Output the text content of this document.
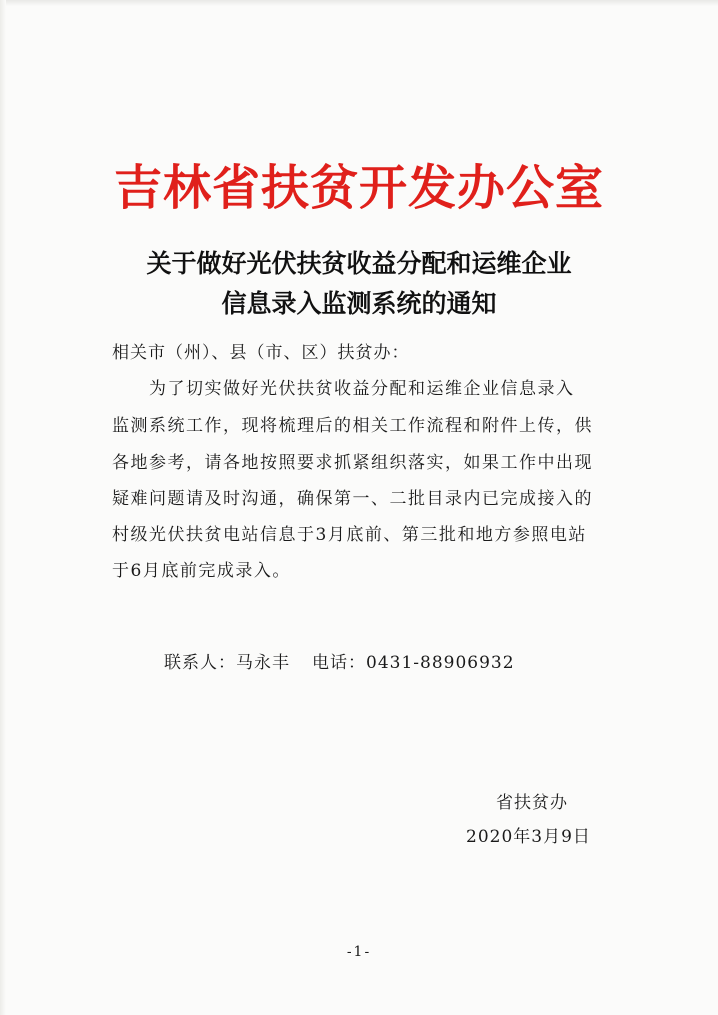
吉林省扶贫开发办公室
关于做好光伏扶贫收益分配和运维企业
信息录入监测系统的通知
相关市（州）、县（市、区）扶贫办：
　　为了切实做好光伏扶贫收益分配和运维企业信息录入
监测系统工作，现将梳理后的相关工作流程和附件上传，供
各地参考，请各地按照要求抓紧组织落实，如果工作中出现
疑难问题请及时沟通，确保第一、二批目录内已完成接入的
村级光伏扶贫电站信息于3月底前、第三批和地方参照电站
于6月底前完成录入。
联系人：马永丰 电话：0431-88906932
省扶贫办
2020年3月9日
-1-
